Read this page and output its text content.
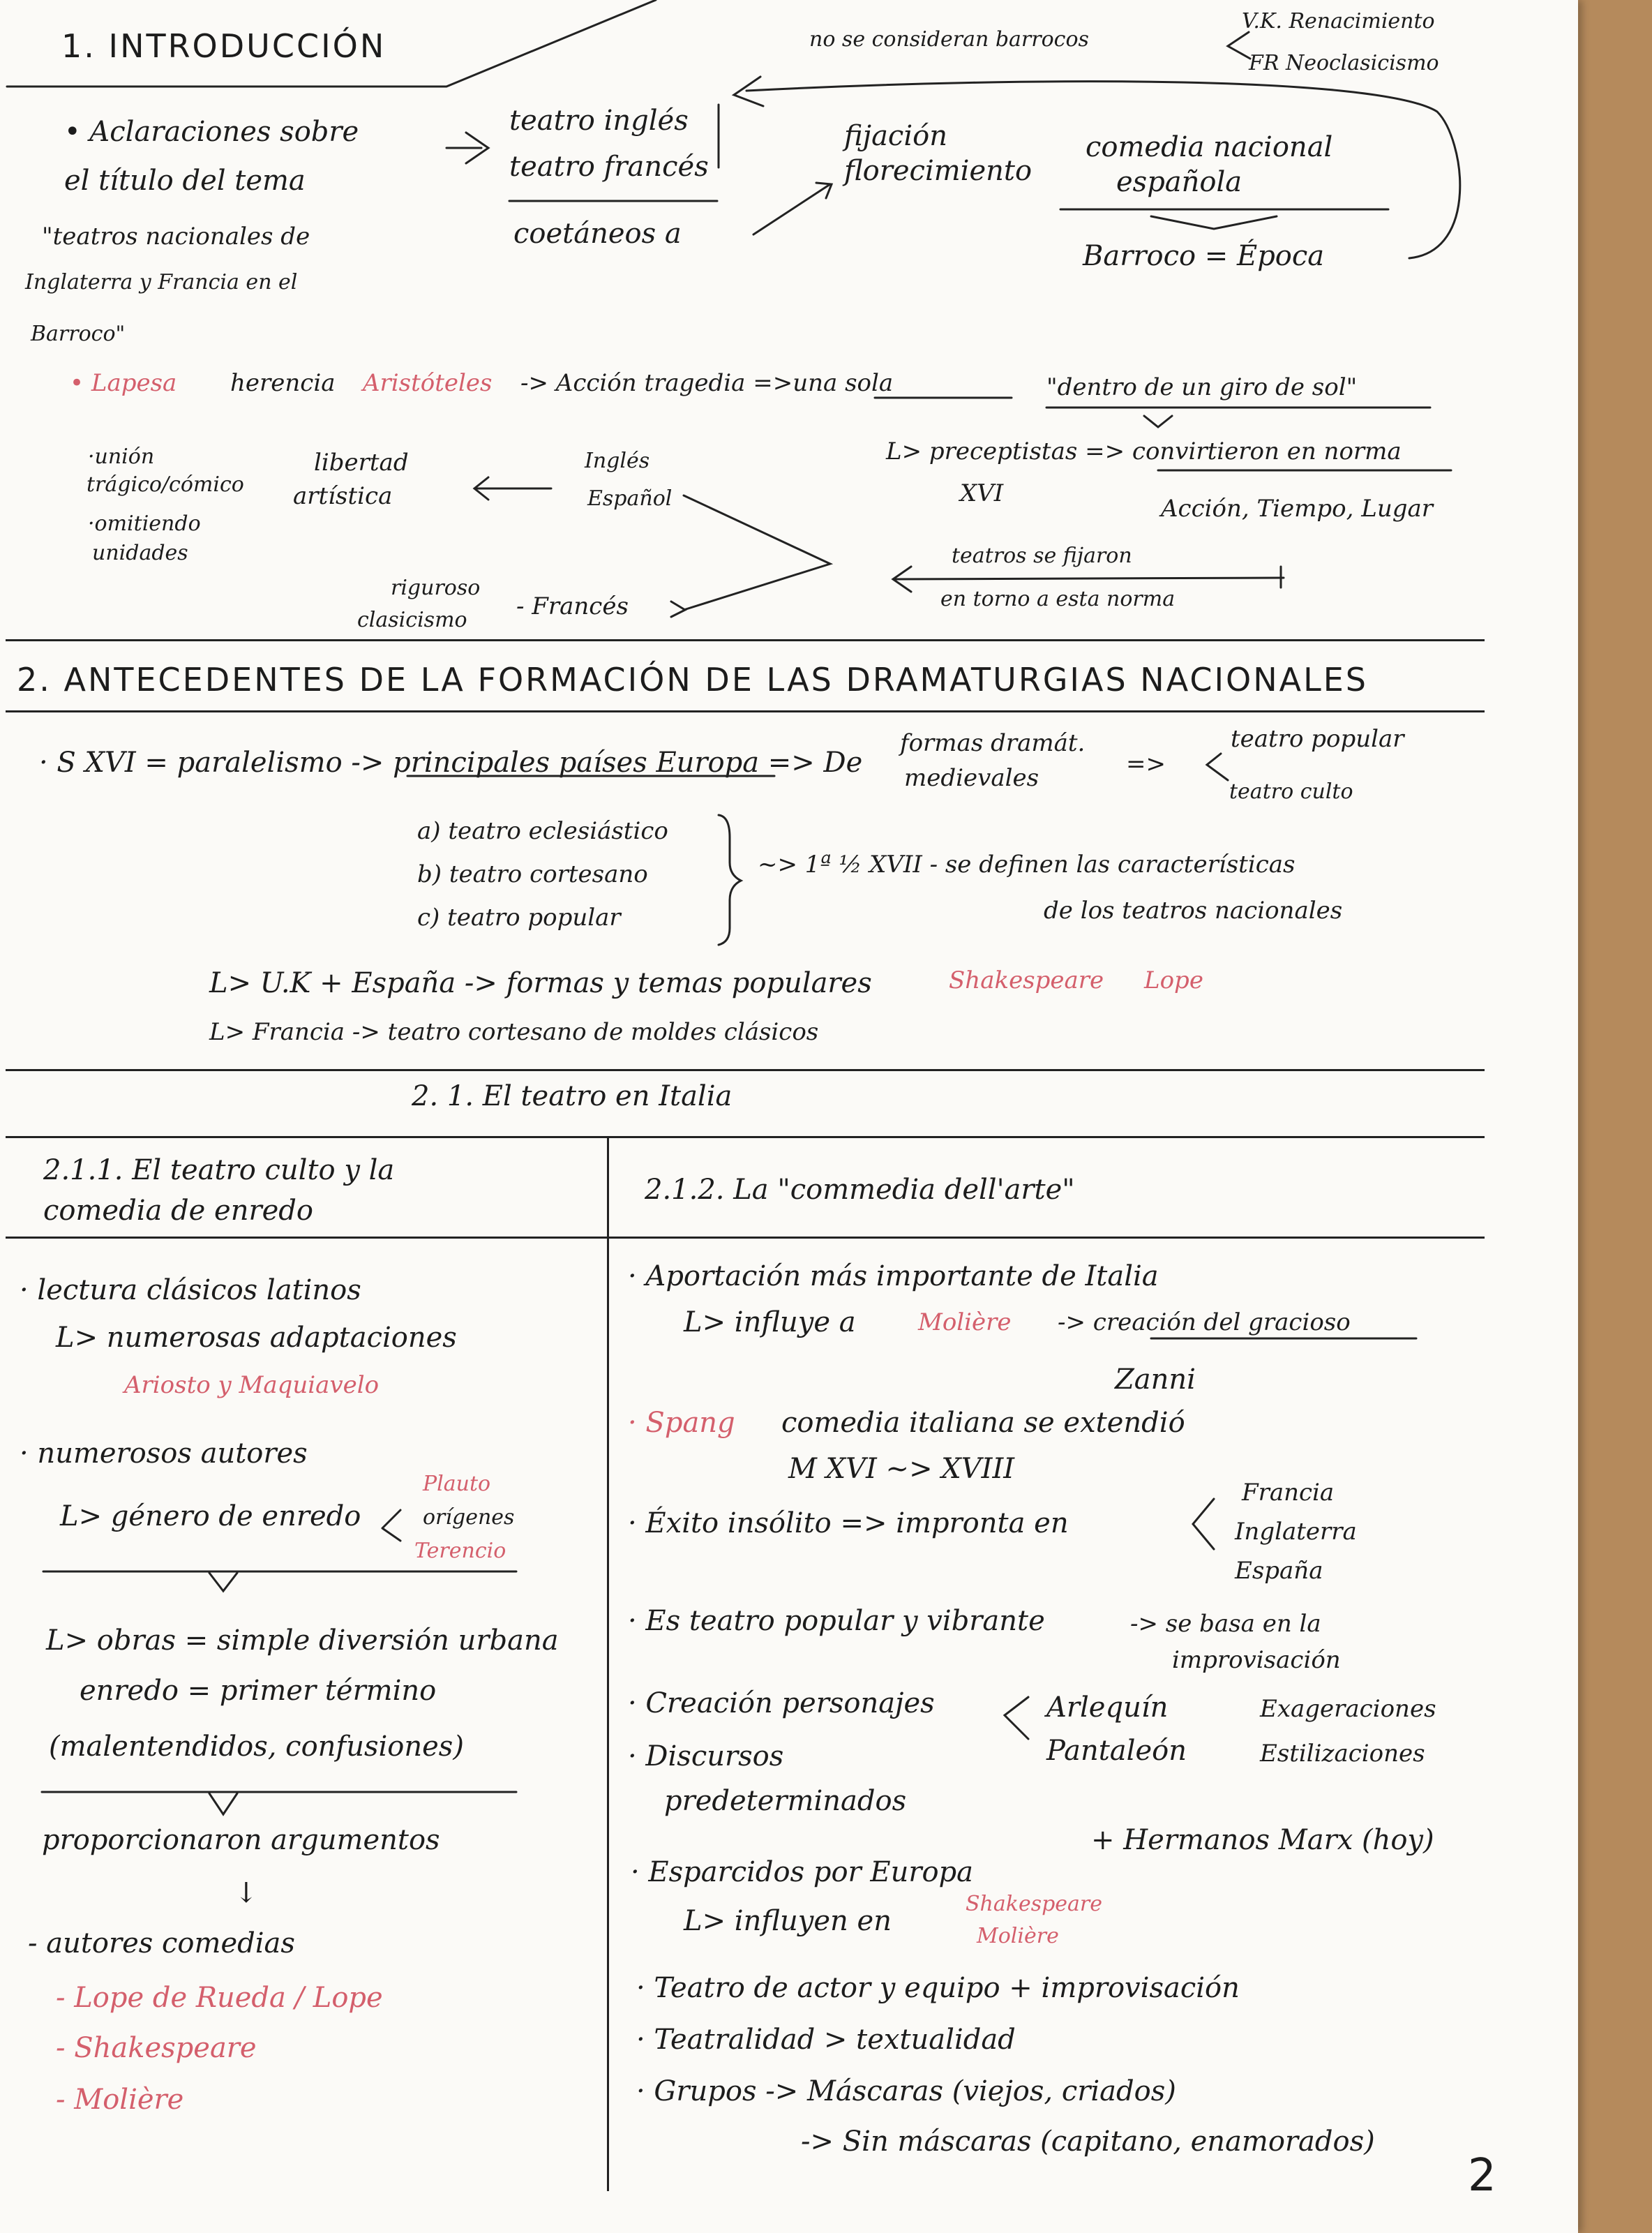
1. INTRODUCCIÓN	no se consideran barrocos
V.K. Renacimiento
FR Neoclasicismo
• Aclaraciones sobre
el título del tema
"teatros nacionales de
Inglaterra y Francia en el
Barroco"
teatro inglés
teatro francés
coetáneos a
fijación
florecimiento
comedia nacional
española
Barroco = Época
• Lapesa herencia Aristóteles -> Acción tragedia =>una sola	"dentro de un giro de sol"
L> preceptistas => convirtieron en norma
XVI
Acción, Tiempo, Lugar
·unión
trágico/cómico
·omitiendo
unidades
libertad
artística
Inglés
Español
teatros se fijaron
en torno a esta norma
riguroso
clasicismo - Francés
2. ANTECEDENTES DE LA FORMACIÓN DE LAS DRAMATURGIAS NACIONALES
· S XVI = paralelismo -> principales países Europa => De
formas dramát.
medievales	=>
teatro popular
teatro culto
a) teatro eclesiástico
b) teatro cortesano
c) teatro popular
~> 1ª ½ XVII - se definen las características
de los teatros nacionales
L> U.K + España -> formas y temas populares	Shakespeare Lope
L> Francia -> teatro cortesano de moldes clásicos
2. 1. El teatro en Italia
2.1.1. El teatro culto y la
comedia de enredo
· lectura clásicos latinos
L> numerosas adaptaciones
Ariosto y Maquiavelo
· numerosos autores
L> género de enredo
Plauto
orígenes
Terencio
L> obras = simple diversión urbana
enredo = primer término
(malentendidos, confusiones)
proporcionaron argumentos
↓
- autores comedias
- Lope de Rueda / Lope
- Shakespeare
- Molière
2.1.2. La "commedia dell'arte"
· Aportación más importante de Italia
L> influye a	Molière -> creación del gracioso
Zanni
· Spang comedia italiana se extendió
M XVI ~> XVIII
· Éxito insólito => impronta en
Francia
Inglaterra
España
· Es teatro popular y vibrante	-> se basa en la
improvisación
· Creación personajes	Arlequín
Pantaleón
Exageraciones
Estilizaciones
· Discursos
predeterminados
+ Hermanos Marx (hoy)
· Esparcidos por Europa
L> influyen en
Shakespeare
Molière
· Teatro de actor y equipo + improvisación
· Teatralidad > textualidad
· Grupos -> Máscaras (viejos, criados)
-> Sin máscaras (capitano, enamorados)
2
